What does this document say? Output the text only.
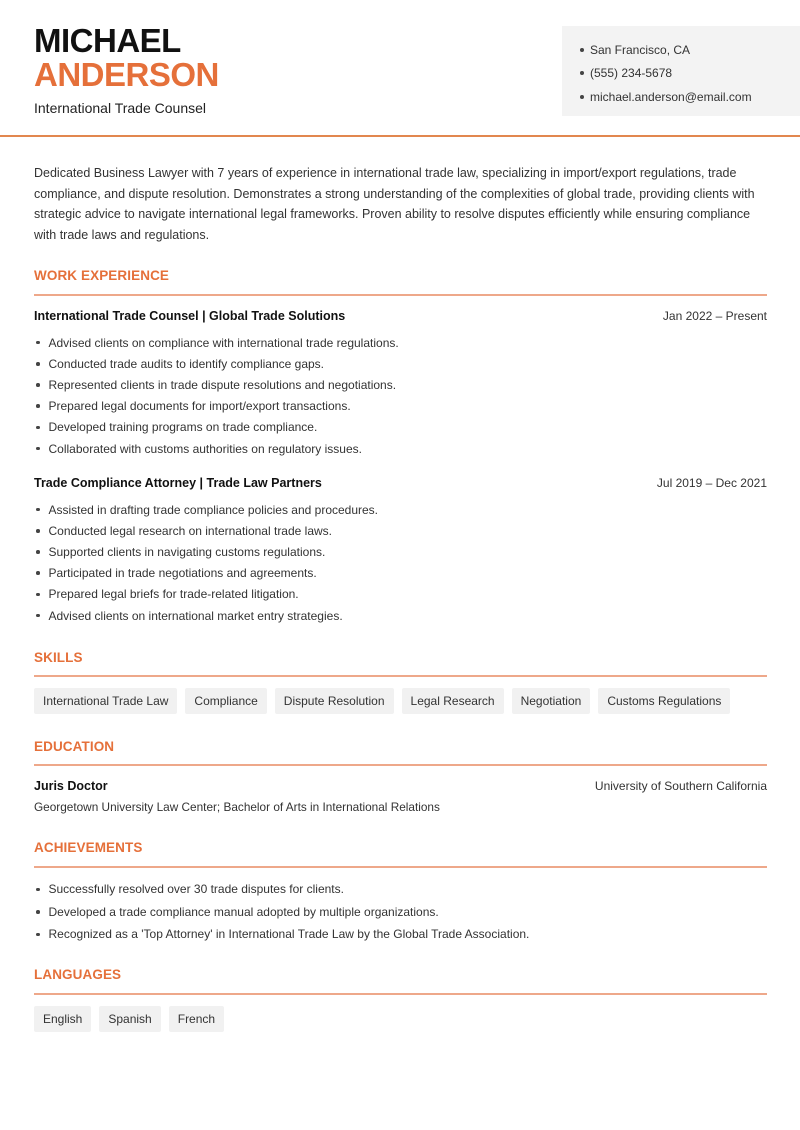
MICHAEL
ANDERSON
International Trade Counsel
San Francisco, CA
(555) 234-5678
michael.anderson@email.com
Dedicated Business Lawyer with 7 years of experience in international trade law, specializing in import/export regulations, trade compliance, and dispute resolution. Demonstrates a strong understanding of the complexities of global trade, providing clients with strategic advice to navigate international legal frameworks. Proven ability to resolve disputes efficiently while ensuring compliance with trade laws and regulations.
WORK EXPERIENCE
International Trade Counsel | Global Trade Solutions	Jan 2022 – Present
Advised clients on compliance with international trade regulations.
Conducted trade audits to identify compliance gaps.
Represented clients in trade dispute resolutions and negotiations.
Prepared legal documents for import/export transactions.
Developed training programs on trade compliance.
Collaborated with customs authorities on regulatory issues.
Trade Compliance Attorney | Trade Law Partners	Jul 2019 – Dec 2021
Assisted in drafting trade compliance policies and procedures.
Conducted legal research on international trade laws.
Supported clients in navigating customs regulations.
Participated in trade negotiations and agreements.
Prepared legal briefs for trade-related litigation.
Advised clients on international market entry strategies.
SKILLS
International Trade Law	Compliance	Dispute Resolution	Legal Research	Negotiation	Customs Regulations
EDUCATION
Juris Doctor	University of Southern California
Georgetown University Law Center; Bachelor of Arts in International Relations
ACHIEVEMENTS
Successfully resolved over 30 trade disputes for clients.
Developed a trade compliance manual adopted by multiple organizations.
Recognized as a 'Top Attorney' in International Trade Law by the Global Trade Association.
LANGUAGES
English	Spanish	French
